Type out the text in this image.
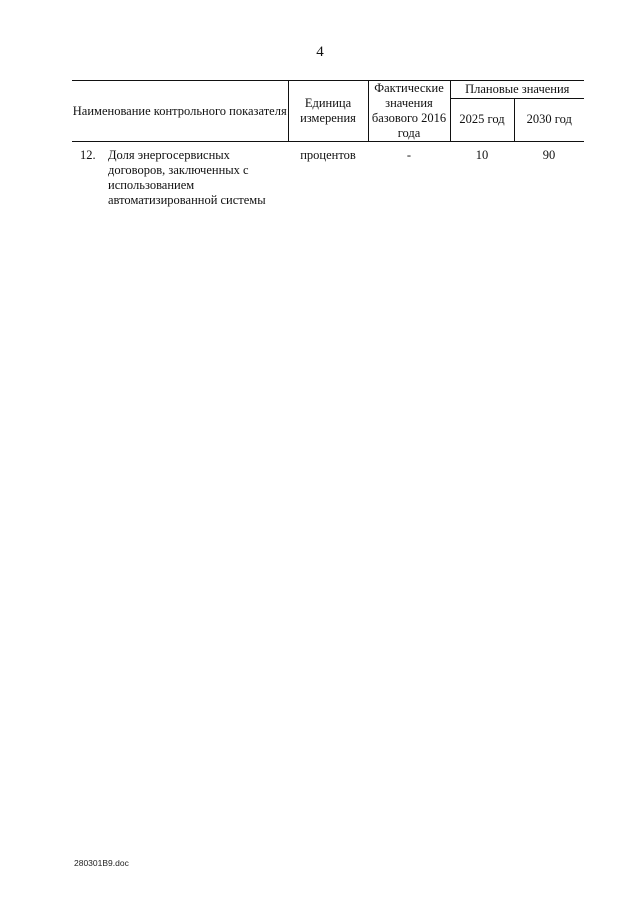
4
Наименование контрольного показателя		Единица измерения	Фактические значения базового 2016 года	Плановые значения	
				2025 год	2030 год
12.	Доля энергосервисных договоров, заключенных с использованием автоматизированной системы	процентов	-	10	90
280301B9.doc
